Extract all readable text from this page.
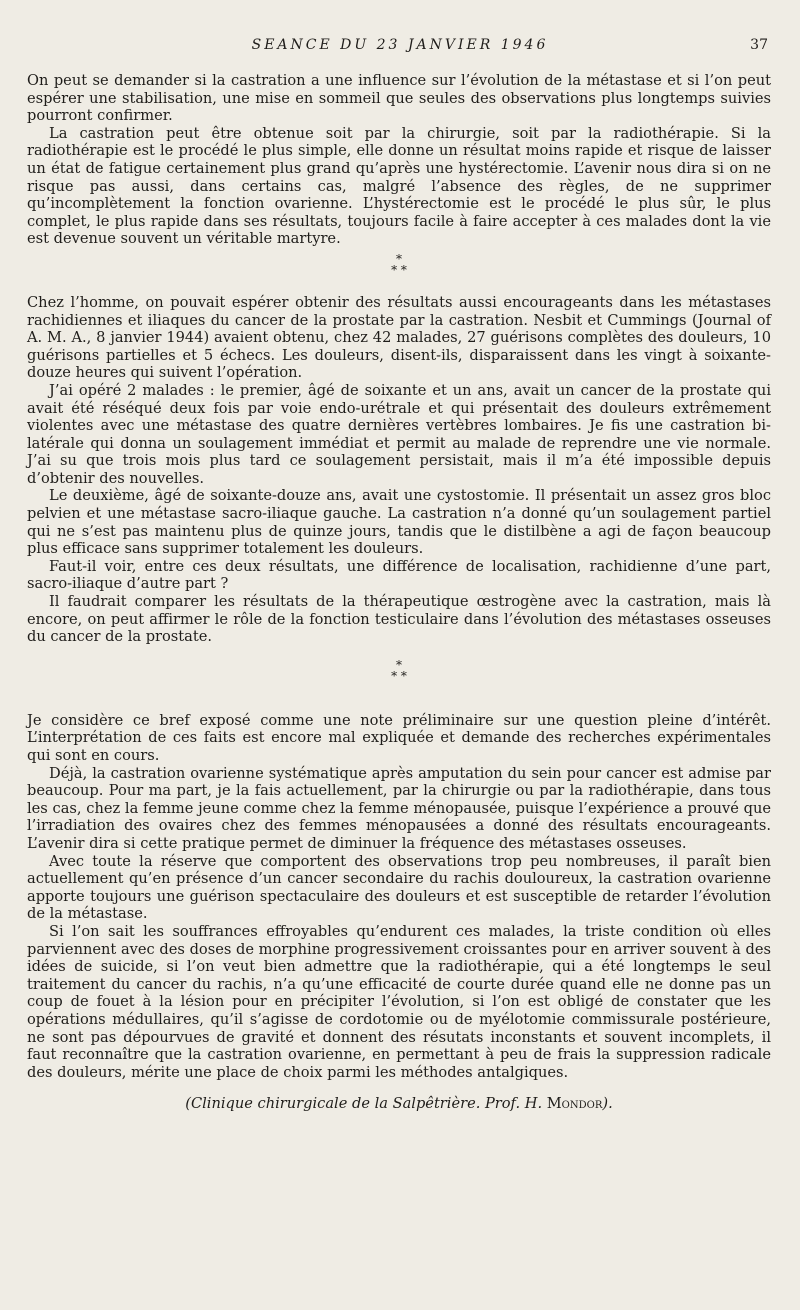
SEANCE DU 23 JANVIER 1946	37

On peut se demander si la castration a une influence sur l’évolution de la métastase et si l’on peut espérer une stabilisation, une mise en sommeil que seules des observations plus longtemps suivies pourront confirmer.

La castration peut être obtenue soit par la chirurgie, soit par la radiothérapie. Si la radiothérapie est le procédé le plus simple, elle donne un résultat moins rapide et risque de laisser un état de fatigue certainement plus grand qu’après une hystérectomie. L’avenir nous dira si on ne risque pas aussi, dans certains cas, malgré l’absence des règles, de ne supprimer qu’incomplètement la fonction ovarienne. L’hystérectomie est le procédé le plus sûr, le plus complet, le plus rapide dans ses résultats, toujours facile à faire accepter à ces malades dont la vie est devenue souvent un véritable martyre.

*
* *

Chez l’homme, on pouvait espérer obtenir des résultats aussi encourageants dans les métastases rachidiennes et iliaques du cancer de la prostate par la castration. Nesbit et Cummings (Journal of A. M. A., 8 janvier 1944) avaient obtenu, chez 42 malades, 27 guérisons complètes des douleurs, 10 guérisons partielles et 5 échecs. Les douleurs, disent-ils, disparaissent dans les vingt à soixante-douze heures qui suivent l’opération.

J’ai opéré 2 malades : le premier, âgé de soixante et un ans, avait un cancer de la prostate qui avait été réséqué deux fois par voie endo-urétrale et qui présentait des douleurs extrêmement violentes avec une métastase des quatre dernières vertèbres lombaires. Je fis une castration bi-latérale qui donna un soulagement immédiat et permit au malade de reprendre une vie normale. J’ai su que trois mois plus tard ce soulagement persistait, mais il m’a été impossible depuis d’obtenir des nouvelles.

Le deuxième, âgé de soixante-douze ans, avait une cystostomie. Il présentait un assez gros bloc pelvien et une métastase sacro-iliaque gauche. La castration n’a donné qu’un soulagement partiel qui ne s’est pas maintenu plus de quinze jours, tandis que le distilbène a agi de façon beaucoup plus efficace sans supprimer totalement les douleurs.

Faut-il voir, entre ces deux résultats, une différence de localisation, rachidienne d’une part, sacro-iliaque d’autre part ?

Il faudrait comparer les résultats de la thérapeutique œstrogène avec la castration, mais là encore, on peut affirmer le rôle de la fonction testiculaire dans l’évolution des métastases osseuses du cancer de la prostate.

*
* *

Je considère ce bref exposé comme une note préliminaire sur une question pleine d’intérêt. L’interprétation de ces faits est encore mal expliquée et demande des recherches expérimentales qui sont en cours.

Déjà, la castration ovarienne systématique après amputation du sein pour cancer est admise par beaucoup. Pour ma part, je la fais actuellement, par la chirurgie ou par la radiothérapie, dans tous les cas, chez la femme jeune comme chez la femme ménopausée, puisque l’expérience a prouvé que l’irradiation des ovaires chez des femmes ménopausées a donné des résultats encourageants. L’avenir dira si cette pratique permet de diminuer la fréquence des métastases osseuses.

Avec toute la réserve que comportent des observations trop peu nombreuses, il paraît bien actuellement qu’en présence d’un cancer secondaire du rachis douloureux, la castration ovarienne apporte toujours une guérison spectaculaire des douleurs et est susceptible de retarder l’évolution de la métastase.

Si l’on sait les souffrances effroyables qu’endurent ces malades, la triste condition où elles parviennent avec des doses de morphine progressivement croissantes pour en arriver souvent à des idées de suicide, si l’on veut bien admettre que la radiothérapie, qui a été longtemps le seul traitement du cancer du rachis, n’a qu’une efficacité de courte durée quand elle ne donne pas un coup de fouet à la lésion pour en précipiter l’évolution, si l’on est obligé de constater que les opérations médullaires, qu’il s’agisse de cordotomie ou de myélotomie commissurale postérieure, ne sont pas dépourvues de gravité et donnent des résutats inconstants et souvent incomplets, il faut reconnaître que la castration ovarienne, en permettant à peu de frais la suppression radicale des douleurs, mérite une place de choix parmi les méthodes antalgiques.

(Clinique chirurgicale de la Salpêtrière. Prof. H. Mondor).
